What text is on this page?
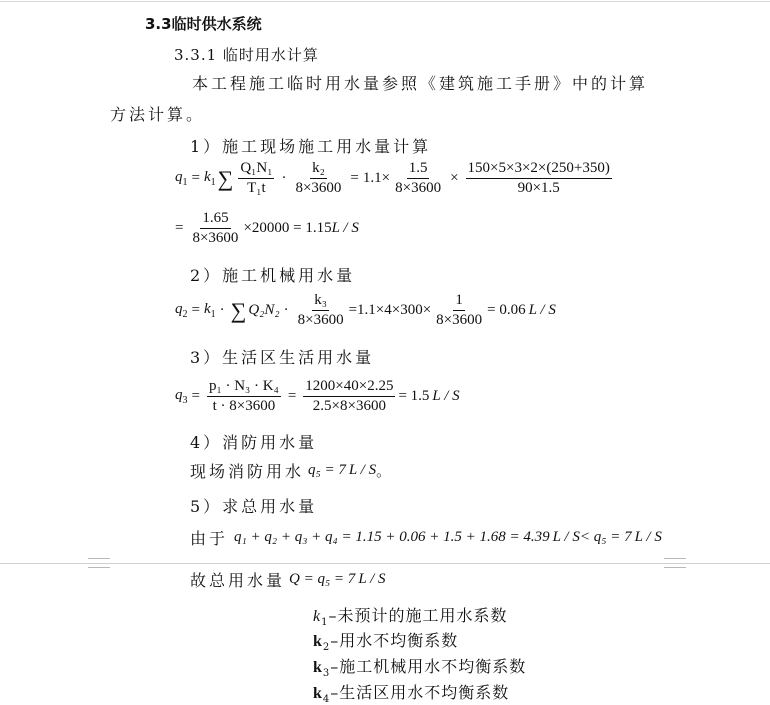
3.3临时供水系统
3.3.1 临时用水计算
本工程施工临时用水量参照《建筑施工手册》中的计算
方法计算。
1）施工现场施工用水量计算
$q_1 = k_1$ ∑ $\frac{\text{Q₁N₁}}{\text{T₁t}} \cdot \frac{\text{k₂}}{8\times 3600} = 1.1\times \frac{1.5}{8\times 3600} \times \frac{150\times 5\times 3\times 2\times(250+350)}{90\times 1.5}$
= $\frac{1.65}{8\times 3600} \times 20000 = 1.15$ L / S
2）施工机械用水量
$q_2 = k_1$ · ∑ $Q_2N_2 \cdot \frac{\text{k₃}}{8\times 3600} =1.1\times 4\times 300\times \frac{1}{8\times 3600} = 0.06$ L / S
3）生活区生活用水量
$q_3 = \frac{\text{p₁ · N₃ · K₄}}{t \cdot 8\times 3600} = \frac{1200\times 40\times 2.25}{2.5\times 8\times 3600} = 1.5$ L / S
4）消防用水量
现场消防用水 q₅ = 7 L / S 。
5）求总用水量
由于 q₁ + q₂ + q₃ + q₄ = 1.15 + 0.06 + 1.5 + 1.68 = 4.39 L / S < q₅ = 7 L / S
故总用水量 Q = q₅ = 7 L / S
$k_1-$未预计的施工用水系数
$k_2-$用水不均衡系数
$k_3-$施工机械用水不均衡系数
$k_4-$生活区用水不均衡系数
